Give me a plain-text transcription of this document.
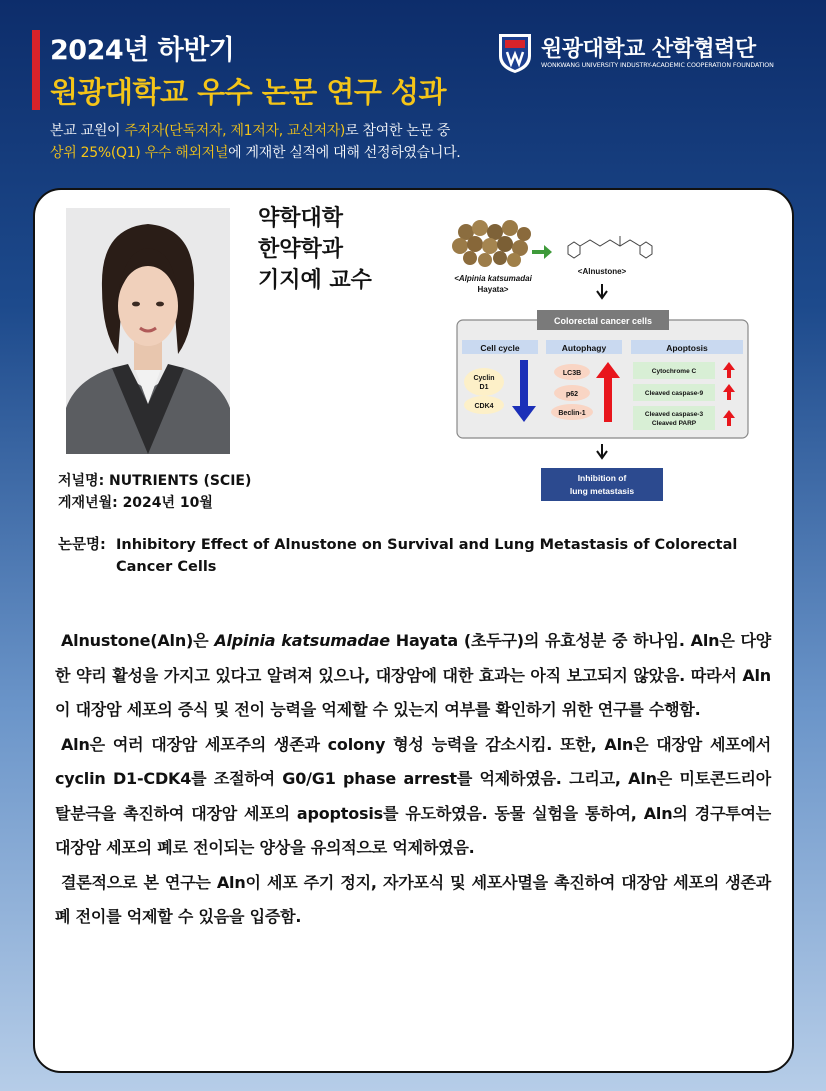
2024년 하반기
원광대학교 우수 논문 연구 성과
원광대학교 산학협력단
WONKWANG UNIVERSITY INDUSTRY-ACADEMIC COOPERATION FOUNDATION
본교 교원이 주저자(단독저자, 제1저자, 교신저자)로 참여한 논문 중
상위 25%(Q1) 우수 해외저널에 게재한 실적에 대해 선정하였습니다.
약학대학
한약학과
기지예 교수	<Alpinia katsumadai
Hayata>
<Alnustone>
Colorectal cancer cells
Cell cycle	Autophagy	Apoptosis
Cyclin
D1
CDK4
LC3B
p62
Beclin-1
Cytochrome C
Cleaved caspase-9
Cleaved caspase-3
Cleaved PARP
Inhibition of
lung metastasis
저널명: NUTRIENTS (SCIE)
게재년월: 2024년 10월
논문명: Inhibitory Effect of Alnustone on Survival and Lung Metastasis of Colorectal Cancer Cells

Alnustone(Aln)은 Alpinia katsumadae Hayata (초두구)의 유효성분 중 하나임. Aln은 다양한 약리 활성을 가지고 있다고 알려져 있으나, 대장암에 대한 효과는 아직 보고되지 않았음. 따라서 Aln이 대장암 세포의 증식 및 전이 능력을 억제할 수 있는지 여부를 확인하기 위한 연구를 수행함.

Aln은 여러 대장암 세포주의 생존과 colony 형성 능력을 감소시킴. 또한, Aln은 대장암 세포에서 cyclin D1-CDK4를 조절하여 G0/G1 phase arrest를 억제하였음. 그리고, Aln은 미토콘드리아 탈분극을 촉진하여 대장암 세포의 apoptosis를 유도하였음. 동물 실험을 통하여, Aln의 경구투여는 대장암 세포의 폐로 전이되는 양상을 유의적으로 억제하였음.

결론적으로 본 연구는 Aln이 세포 주기 정지, 자가포식 및 세포사멸을 촉진하여 대장암 세포의 생존과 폐 전이를 억제할 수 있음을 입증함.
